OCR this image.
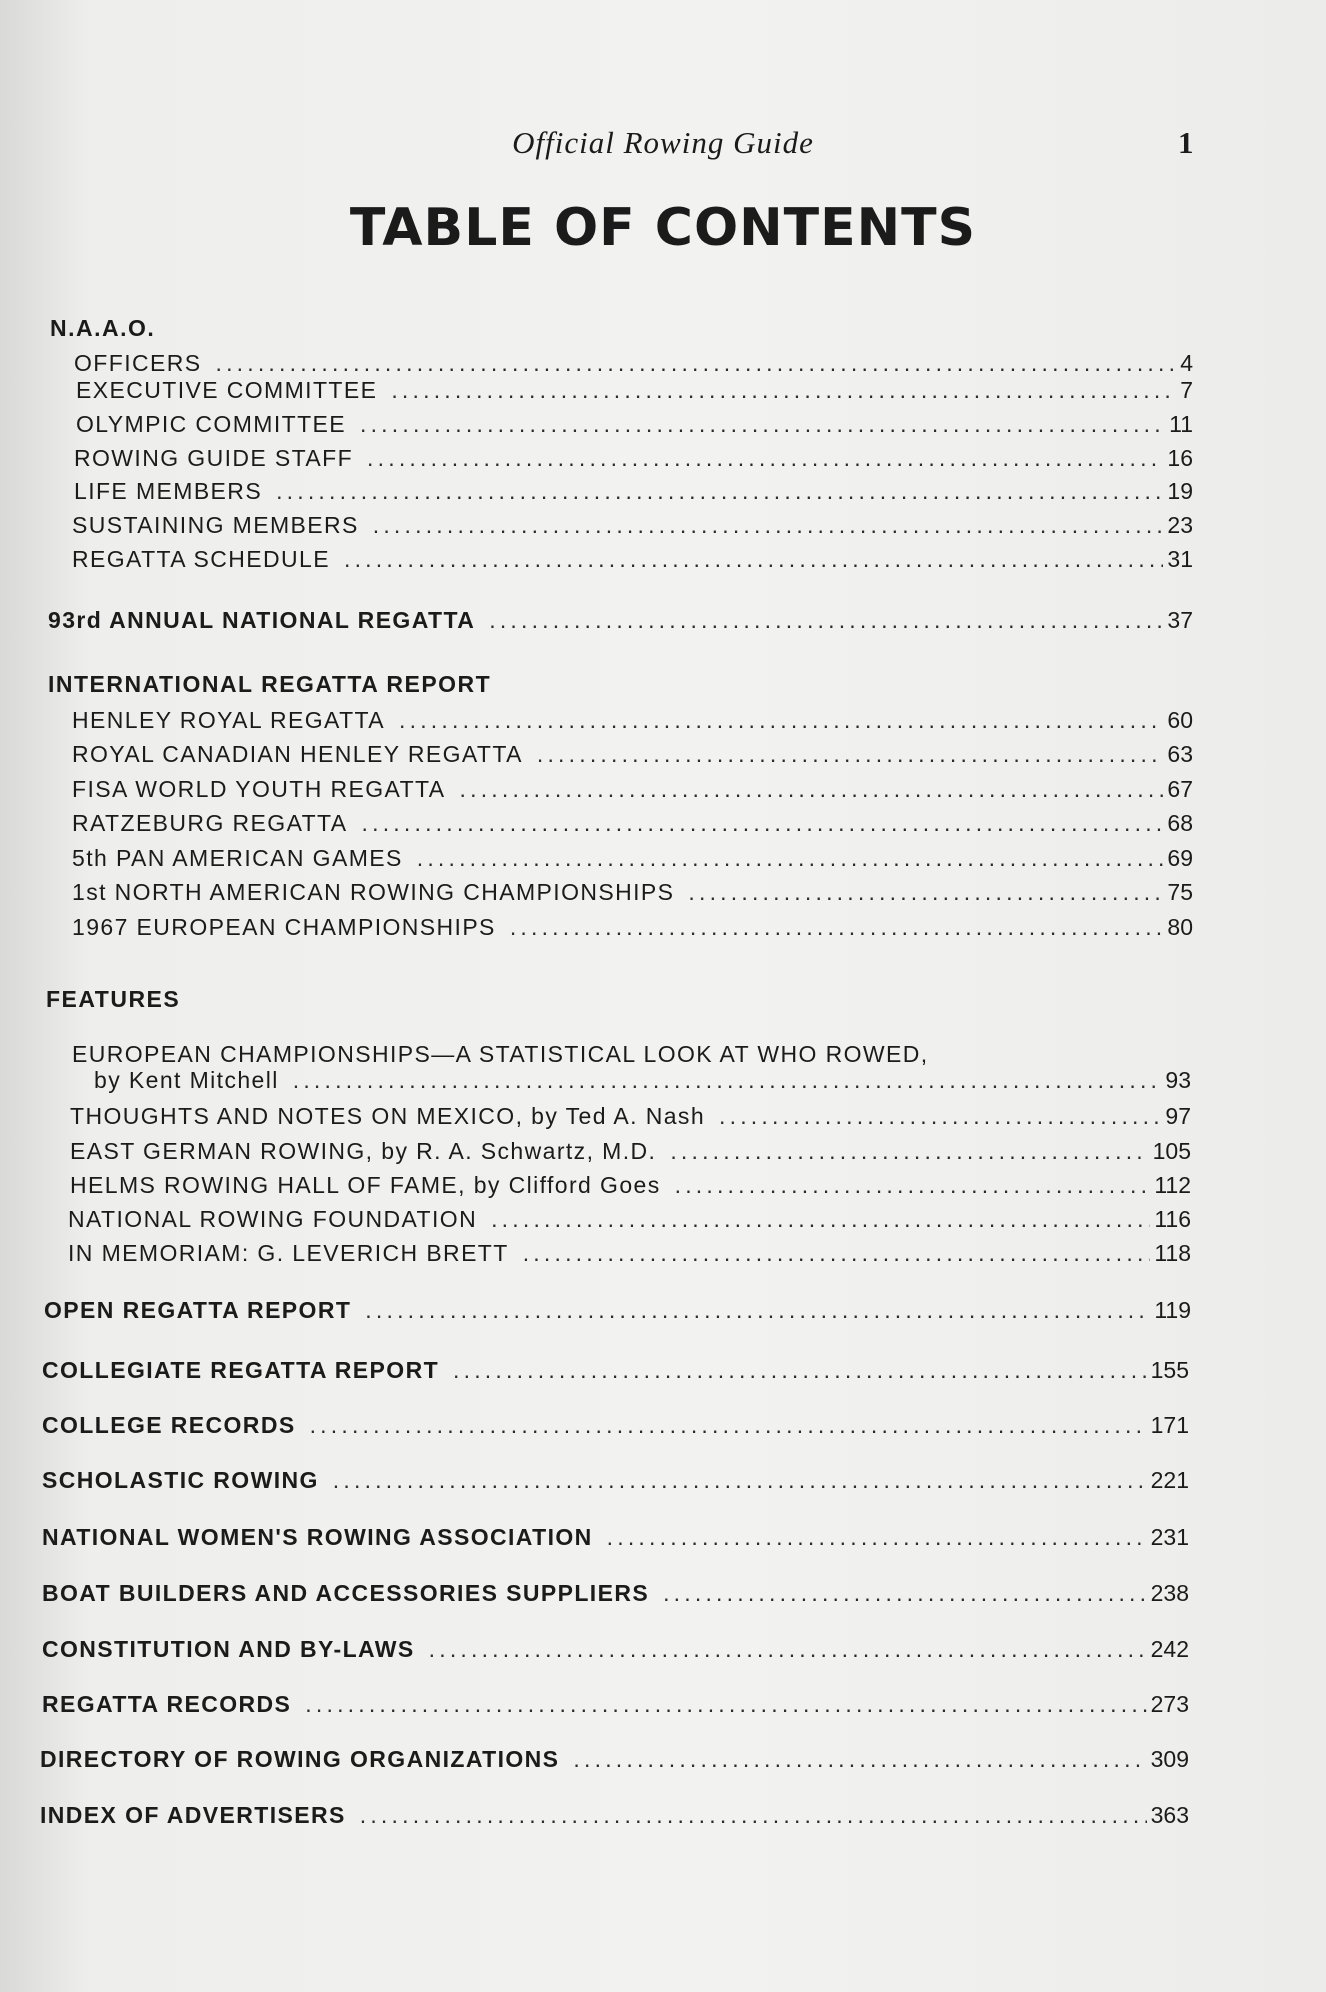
Official Rowing Guide	1
TABLE OF CONTENTS
N.A.A.O.
OFFICERS .....	4
EXECUTIVE COMMITTEE .....	7
OLYMPIC COMMITTEE .....	11
ROWING GUIDE STAFF .....	16
LIFE MEMBERS .....	19
SUSTAINING MEMBERS .....	23
REGATTA SCHEDULE .....	31
93rd ANNUAL NATIONAL REGATTA .....	37
INTERNATIONAL REGATTA REPORT
HENLEY ROYAL REGATTA .....	60
ROYAL CANADIAN HENLEY REGATTA .....	63
FISA WORLD YOUTH REGATTA .....	67
RATZEBURG REGATTA .....	68
5th PAN AMERICAN GAMES .....	69
1st NORTH AMERICAN ROWING CHAMPIONSHIPS .....	75
1967 EUROPEAN CHAMPIONSHIPS .....	80
FEATURES
EUROPEAN CHAMPIONSHIPS—A STATISTICAL LOOK AT WHO ROWED,
by Kent Mitchell .....	93
THOUGHTS AND NOTES ON MEXICO, by Ted A. Nash .....	97
EAST GERMAN ROWING, by R. A. Schwartz, M.D. .....	105
HELMS ROWING HALL OF FAME, by Clifford Goes .....	112
NATIONAL ROWING FOUNDATION .....	116
IN MEMORIAM: G. LEVERICH BRETT .....	118
OPEN REGATTA REPORT .....	119
COLLEGIATE REGATTA REPORT .....	155
COLLEGE RECORDS .....	171
SCHOLASTIC ROWING .....	221
NATIONAL WOMEN'S ROWING ASSOCIATION .....	231
BOAT BUILDERS AND ACCESSORIES SUPPLIERS .....	238
CONSTITUTION AND BY-LAWS .....	242
REGATTA RECORDS .....	273
DIRECTORY OF ROWING ORGANIZATIONS .....	309
INDEX OF ADVERTISERS .....	363
